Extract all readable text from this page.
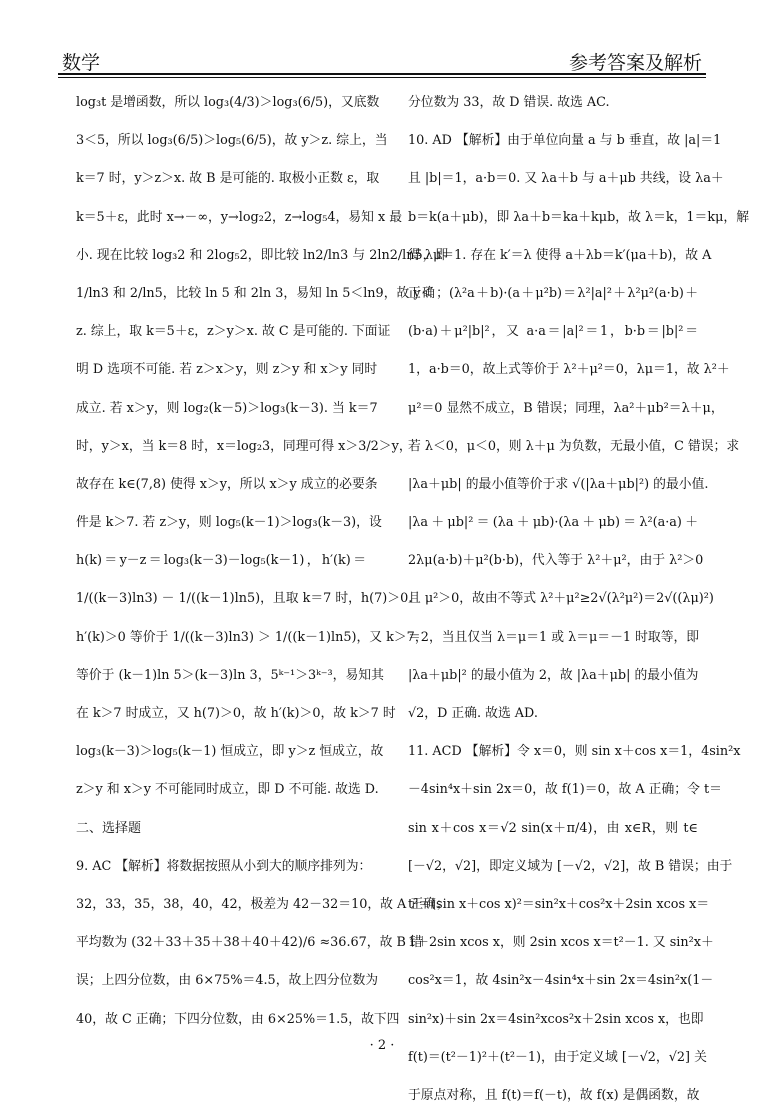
数学	参考答案及解析
log₃t 是增函数，所以 log₃(4/3)＞log₃(6/5)，又底数
3＜5，所以 log₃(6/5)＞log₅(6/5)，故 y＞z. 综上，当
k＝7 时，y＞z＞x. 故 B 是可能的. 取极小正数 ε，取
k＝5＋ε，此时 x→－∞，y→log₂2，z→log₅4，易知 x 最
小. 现在比较 log₃2 和 2log₅2，即比较 ln2/ln3 与 2ln2/ln5，即
1/ln3 和 2/ln5，比较 ln 5 和 2ln 3，易知 ln 5＜ln9，故 y＜
z. 综上，取 k＝5＋ε，z＞y＞x. 故 C 是可能的. 下面证
明 D 选项不可能. 若 z＞x＞y，则 z＞y 和 x＞y 同时
成立. 若 x＞y，则 log₂(k－5)＞log₃(k－3). 当 k＝7
时，y＞x，当 k＝8 时，x＝log₂3，同理可得 x＞3/2＞y，
故存在 k∈(7,8) 使得 x＞y，所以 x＞y 成立的必要条
件是 k＞7. 若 z＞y，则 log₅(k－1)＞log₃(k－3)，设
h(k)＝y－z＝log₃(k－3)－log₅(k－1)，h′(k)＝
1/((k－3)ln3) － 1/((k－1)ln5)，且取 k＝7 时，h(7)＞0.
h′(k)＞0 等价于 1/((k－3)ln3) ＞ 1/((k－1)ln5)，又 k＞7，
等价于 (k－1)ln 5＞(k－3)ln 3，5ᵏ⁻¹＞3ᵏ⁻³，易知其
在 k＞7 时成立，又 h(7)＞0，故 h′(k)＞0，故 k＞7 时
log₃(k－3)＞log₅(k－1) 恒成立，即 y＞z 恒成立，故
z＞y 和 x＞y 不可能同时成立，即 D 不可能. 故选 D.
二、选择题
9. AC 【解析】将数据按照从小到大的顺序排列为：
32，33，35，38，40，42，极差为 42－32＝10，故 A 正确；
平均数为 (32＋33＋35＋38＋40＋42)/6 ≈36.67，故 B 错
误；上四分位数，由 6×75%＝4.5，故上四分位数为
40，故 C 正确；下四分位数，由 6×25%＝1.5，故下四
分位数为 33，故 D 错误. 故选 AC.
10. AD 【解析】由于单位向量 a 与 b 垂直，故 |a|＝1
且 |b|＝1，a·b＝0. 又 λa＋b 与 a＋μb 共线，设 λa＋
b＝k(a＋μb)，即 λa＋b＝ka＋kμb，故 λ＝k，1＝kμ，解
得 λμ＝1. 存在 k′＝λ 使得 a＋λb＝k′(μa＋b)，故 A
正确；(λ²a＋b)·(a＋μ²b)＝λ²|a|²＋λ²μ²(a·b)＋
(b·a)＋μ²|b|²，又 a·a＝|a|²＝1，b·b＝|b|²＝
1，a·b＝0，故上式等价于 λ²＋μ²＝0，λμ＝1，故 λ²＋
μ²＝0 显然不成立，B 错误；同理，λa²＋μb²＝λ＋μ，
若 λ＜0，μ＜0，则 λ＋μ 为负数，无最小值，C 错误；求
|λa＋μb| 的最小值等价于求 √(|λa＋μb|²) 的最小值.
|λa＋μb|²＝(λa＋μb)·(λa＋μb)＝λ²(a·a)＋
2λμ(a·b)＋μ²(b·b)，代入等于 λ²＋μ²，由于 λ²＞0
且 μ²＞0，故由不等式 λ²＋μ²≥2√(λ²μ²)＝2√((λμ)²)
＝2，当且仅当 λ＝μ＝1 或 λ＝μ＝－1 时取等，即
|λa＋μb|² 的最小值为 2，故 |λa＋μb| 的最小值为
√2，D 正确. 故选 AD.
11. ACD 【解析】令 x＝0，则 sin x＋cos x＝1，4sin²x
－4sin⁴x＋sin 2x＝0，故 f(1)＝0，故 A 正确；令 t＝
sin x＋cos x＝√2 sin(x＋π/4)，由 x∈R，则 t∈
[－√2，√2]，即定义域为 [－√2，√2]，故 B 错误；由于
t²＝(sin x＋cos x)²＝sin²x＋cos²x＋2sin xcos x＝
1＋2sin xcos x，则 2sin xcos x＝t²－1. 又 sin²x＋
cos²x＝1，故 4sin²x－4sin⁴x＋sin 2x＝4sin²x(1－
sin²x)＋sin 2x＝4sin²xcos²x＋2sin xcos x，也即
f(t)＝(t²－1)²＋(t²－1)，由于定义域 [－√2，√2] 关
于原点对称，且 f(t)＝f(－t)，故 f(x) 是偶函数，故
· 2 ·
